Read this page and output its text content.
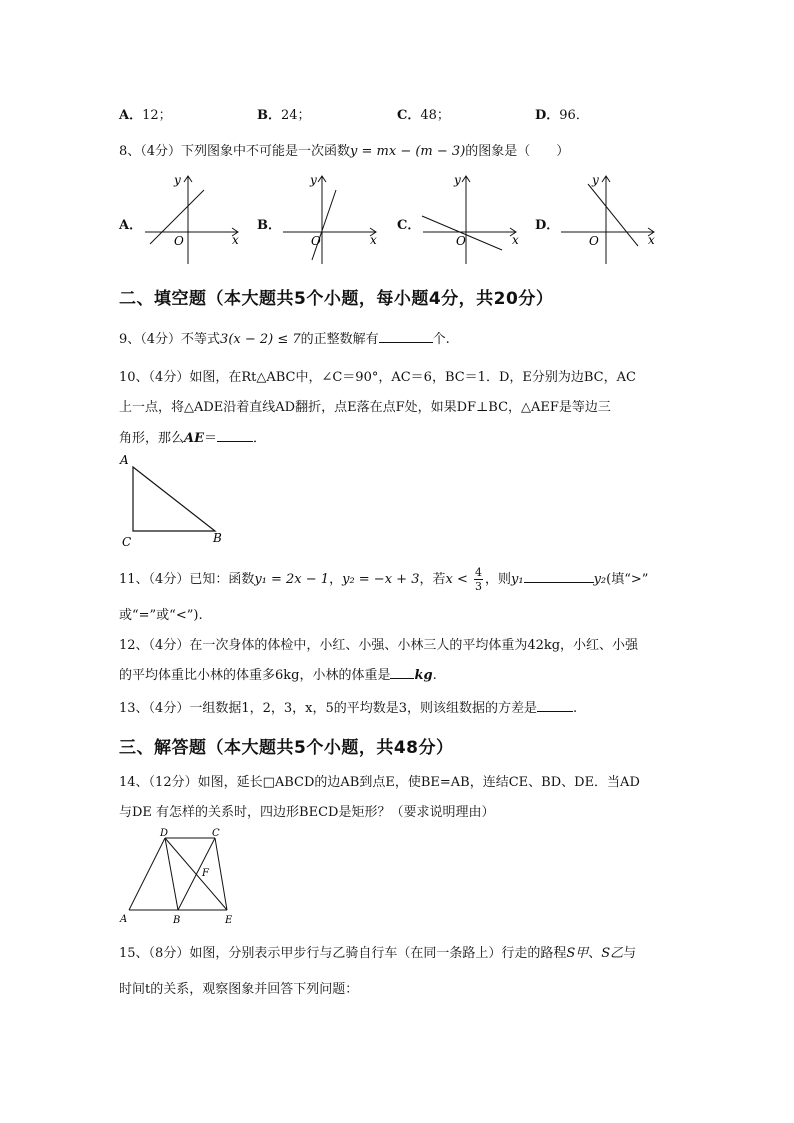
A．12；	B．24；	C．48；	D．96．
8、（4分）下列图象中不可能是一次函数y = mx − (m − 3)的图象是（　　）
A．
y
x
O
B．
y
x
O
C．
y
x
O
D．
y
x
O
二、填空题（本大题共5个小题，每小题4分，共20分）
9、（4分）不等式3(x − 2) ≤ 7的正整数解有	个.
10、（4分）如图，在Rt△ABC中，∠C＝90°，AC＝6，BC＝1．D，E分别为边BC，AC
上一点，将△ADE沿着直线AD翻折，点E落在点F处，如果DF⊥BC，△AEF是等边三
角形，那么AE＝	．
A
C	B
11、（4分）已知：函数y₁ = 2x − 1，y₂ = −x + 3，若$x < \frac{4}{3}$ ，则y₁	y₂(填“>”
或“=”或“<”).
12、（4分）在一次身体的体检中，小红、小强、小林三人的平均体重为42kg，小红、小强
的平均体重比小林的体重多6kg，小林的体重是 kg.
13、（4分）一组数据1，2，3，x，5的平均数是3，则该组数据的方差是	.
三、解答题（本大题共5个小题，共48分）
14、（12分）如图，延长□ABCD的边AB到点E，使BE=AB，连结CE、BD、DE．当AD
与DE 有怎样的关系时，四边形BECD是矩形？（要求说明理由）
A	B
C
D
E
F
15、（8分）如图，分别表示甲步行与乙骑自行车（在同一条路上）行走的路程S甲、S乙与
时间t的关系，观察图象并回答下列问题：
